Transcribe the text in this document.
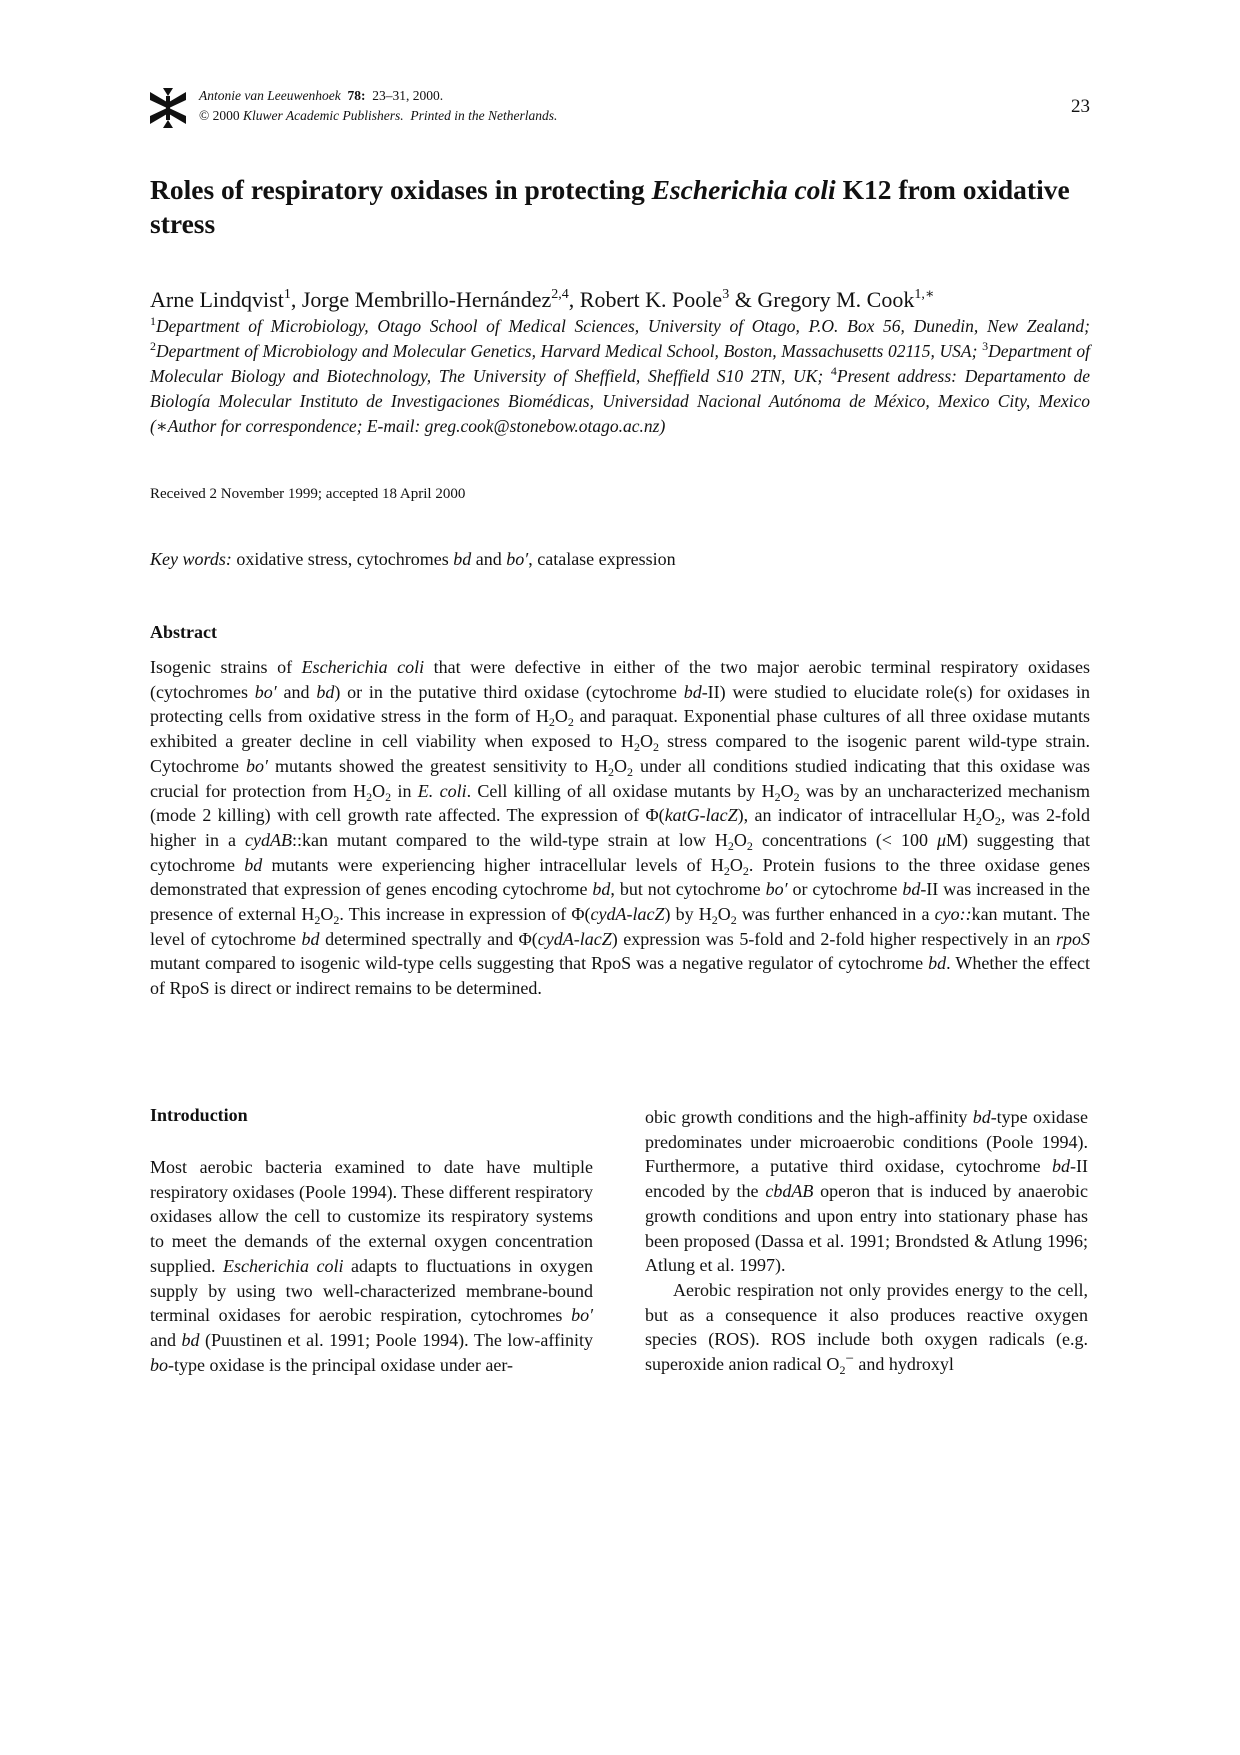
Antonie van Leeuwenhoek 78: 23–31, 2000.
© 2000 Kluwer Academic Publishers. Printed in the Netherlands.	23
Roles of respiratory oxidases in protecting Escherichia coli K12 from oxidative stress
Arne Lindqvist$^1$, Jorge Membrillo-Hernández$^{2,4}$, Robert K. Poole$^3$ & Gregory M. Cook$^{1,∗}$
$^1$Department of Microbiology, Otago School of Medical Sciences, University of Otago, P.O. Box 56, Dunedin, New Zealand; $^2$Department of Microbiology and Molecular Genetics, Harvard Medical School, Boston, Massachusetts 02115, USA; $^3$Department of Molecular Biology and Biotechnology, The University of Sheffield, Sheffield S10 2TN, UK; $^4$Present address: Departamento de Biología Molecular Instituto de Investigaciones Biomédicas, Universidad Nacional Autónoma de México, Mexico City, Mexico (∗Author for correspondence; E-mail: greg.cook@stonebow.otago.ac.nz)
Received 2 November 1999; accepted 18 April 2000
Key words: oxidative stress, cytochromes bd and bo′, catalase expression
Abstract

Isogenic strains of Escherichia coli that were defective in either of the two major aerobic terminal respiratory oxidases (cytochromes bo′ and bd) or in the putative third oxidase (cytochrome bd-II) were studied to elucidate role(s) for oxidases in protecting cells from oxidative stress in the form of $H_2O_2$ and paraquat. Exponential phase cultures of all three oxidase mutants exhibited a greater decline in cell viability when exposed to $H_2O_2$ stress compared to the isogenic parent wild-type strain. Cytochrome bo′ mutants showed the greatest sensitivity to $H_2O_2$ under all conditions studied indicating that this oxidase was crucial for protection from $H_2O_2$ in E. coli. Cell killing of all oxidase mutants by $H_2O_2$ was by an uncharacterized mechanism (mode 2 killing) with cell growth rate affected. The expression of Φ(katG-lacZ), an indicator of intracellular $H_2O_2$, was 2-fold higher in a cydAB::kan mutant compared to the wild-type strain at low $H_2O_2$ concentrations (< 100 μM) suggesting that cytochrome bd mutants were experiencing higher intracellular levels of $H_2O_2$. Protein fusions to the three oxidase genes demonstrated that expression of genes encoding cytochrome bd, but not cytochrome bo′ or cytochrome bd-II was increased in the presence of external $H_2O_2$. This increase in expression of Φ(cydA-lacZ) by $H_2O_2$ was further enhanced in a cyo::kan mutant. The level of cytochrome bd determined spectrally and Φ(cydA-lacZ) expression was 5-fold and 2-fold higher respectively in an rpoS mutant compared to isogenic wild-type cells suggesting that RpoS was a negative regulator of cytochrome bd. Whether the effect of RpoS is direct or indirect remains to be determined.

Introduction

Most aerobic bacteria examined to date have multiple respiratory oxidases (Poole 1994). These different respiratory oxidases allow the cell to customize its respiratory systems to meet the demands of the external oxygen concentration supplied. Escherichia coli adapts to fluctuations in oxygen supply by using two well-characterized membrane-bound terminal oxidases for aerobic respiration, cytochromes bo′ and bd (Puustinen et al. 1991; Poole 1994). The low-affinity bo-type oxidase is the principal oxidase under aer-

obic growth conditions and the high-affinity bd-type oxidase predominates under microaerobic conditions (Poole 1994). Furthermore, a putative third oxidase, cytochrome bd-II encoded by the cbdAB operon that is induced by anaerobic growth conditions and upon entry into stationary phase has been proposed (Dassa et al. 1991; Brondsted & Atlung 1996; Atlung et al. 1997).

Aerobic respiration not only provides energy to the cell, but as a consequence it also produces reactive oxygen species (ROS). ROS include both oxygen radicals (e.g. superoxide anion radical $O_2^-$ and hydroxyl
